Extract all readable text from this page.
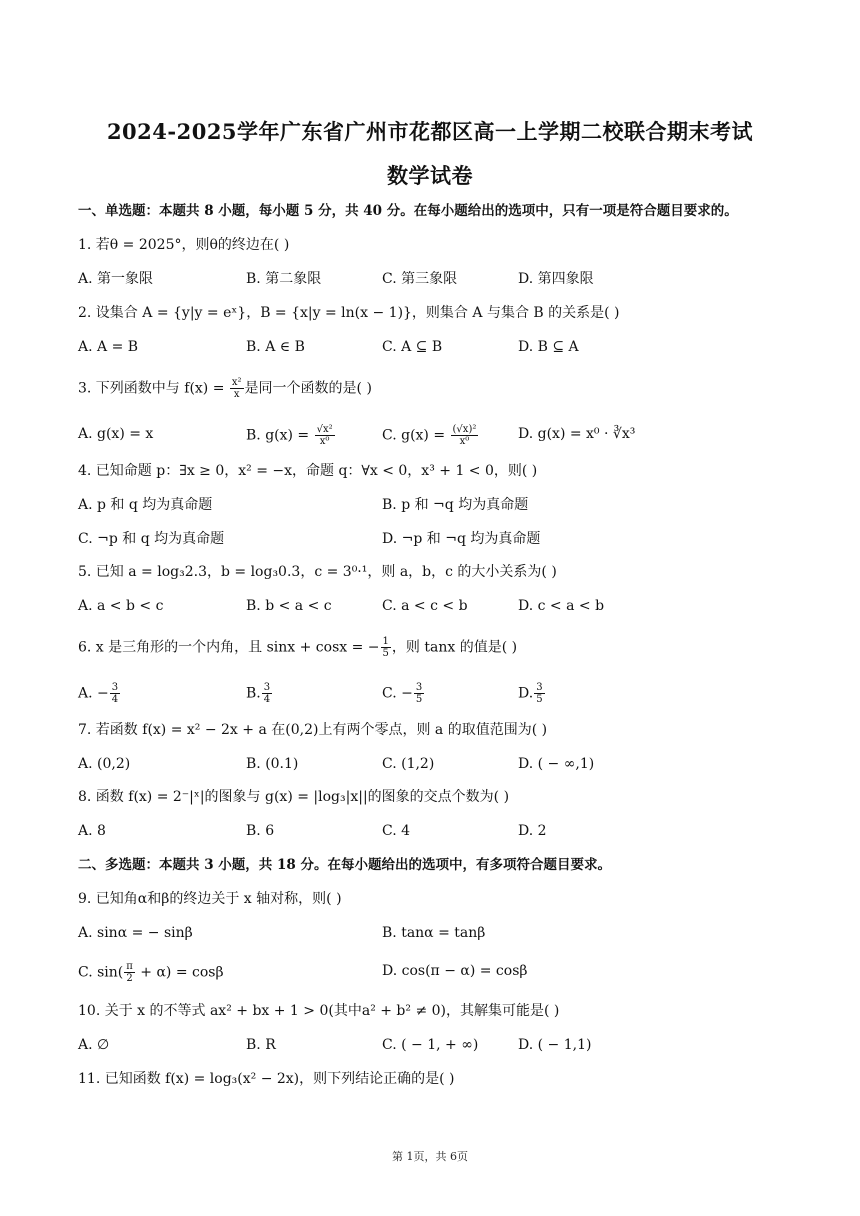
2024-2025学年广东省广州市花都区高一上学期二校联合期末考试
数学试卷
一、单选题：本题共 8 小题，每小题 5 分，共 40 分。在每小题给出的选项中，只有一项是符合题目要求的。
1. 若θ = 2025°，则θ的终边在( )
A. 第一象限	B. 第二象限	C. 第三象限	D. 第四象限
2. 设集合 A = {y|y = eˣ}，B = {x|y = ln(x − 1)}，则集合 A 与集合 B 的关系是( )
A. A = B	B. A ∈ B	C. A ⊆ B	D. B ⊆ A
3. 下列函数中与 $f(x) = \frac{\text{x²}}{x}$ 是同一个函数的是( )
A. g(x) = x	B. $g(x) = \frac{\text{√x²}}{\text{x⁰}}$	C. $g(x) = \frac{\text{(√x)²}}{\text{x⁰}}$	D. g(x) = x⁰ · ∛x³
4. 已知命题 p：∃x ≥ 0，x² = −x，命题 q：∀x < 0，x³ + 1 < 0，则( )
A. p 和 q 均为真命题	B. p 和 ¬q 均为真命题
C. ¬p 和 q 均为真命题	D. ¬p 和 ¬q 均为真命题
5. 已知 a = log₃2.3，b = log₃0.3，c = 3⁰·¹，则 a，b，c 的大小关系为( )
A. a < b < c	B. b < a < c	C. a < c < b	D. c < a < b
6. x 是三角形的一个内角，且 sinx + cosx = − $\frac{1}{5}$ ，则 tanx 的值是( )
A. − $\frac{3}{4}$	B. $\frac{3}{4}$	C. − $\frac{3}{5}$	D. $\frac{3}{5}$
7. 若函数 f(x) = x² − 2x + a 在(0,2)上有两个零点，则 a 的取值范围为( )
A. (0,2)	B. (0.1)	C. (1,2)	D. ( − ∞,1)
8. 函数 f(x) = 2⁻|ˣ|的图象与 g(x) = |log₃|x||的图象的交点个数为( )
A. 8	B. 6	C. 4	D. 2
二、多选题：本题共 3 小题，共 18 分。在每小题给出的选项中，有多项符合题目要求。
9. 已知角α和β的终边关于 x 轴对称，则( )
A. sinα = − sinβ	B. tanα = tanβ
C. $\sin( \frac{\pi}{2} + \alpha) = \cos\beta$	D. cos(π − α) = cosβ
10. 关于 x 的不等式 ax² + bx + 1 > 0(其中a² + b² ≠ 0)，其解集可能是( )
A. ∅	B. R	C. ( − 1, + ∞)	D. ( − 1,1)
11. 已知函数 f(x) = log₃(x² − 2x)，则下列结论正确的是( )
第 1页，共 6页
